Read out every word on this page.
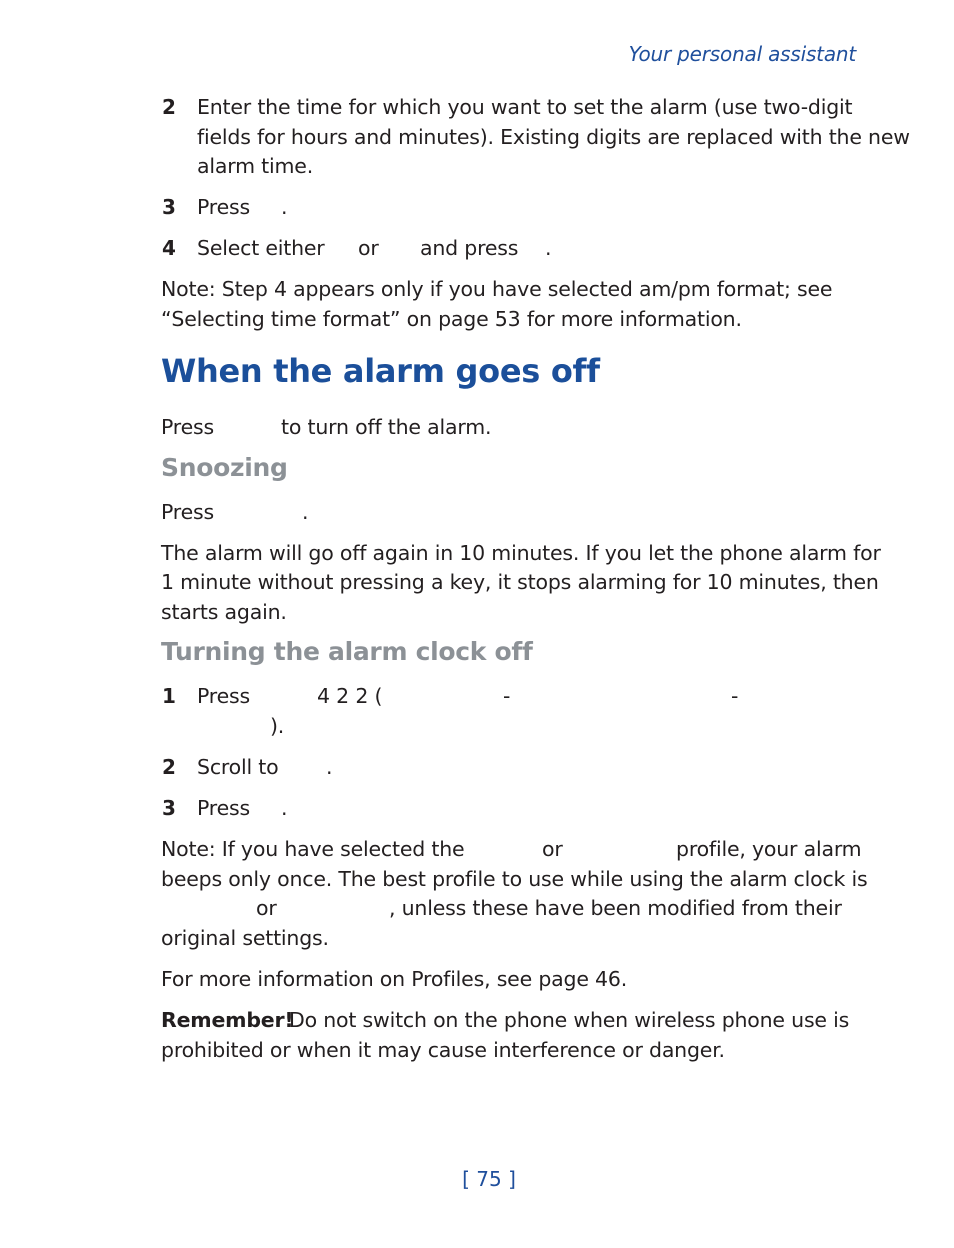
Your personal assistant
2 Enter the time for which you want to set the alarm (use two-digit
fields for hours and minutes). Existing digits are replaced with the new
alarm time.
3 Press .
4 Select either or and press .
Note: Step 4 appears only if you have selected am/pm format; see
“Selecting time format” on page 53 for more information.
When the alarm goes off
Press	to turn off the alarm.
Snoozing
Press	.
The alarm will go off again in 10 minutes. If you let the phone alarm for
1 minute without pressing a key, it stops alarming for 10 minutes, then
starts again.
Turning the alarm clock off
1 Press	4 2 2 (	-	-
).
2 Scroll to .
3 Press .
Note: If you have selected the	or	profile, your alarm
beeps only once. The best profile to use while using the alarm clock is
or	, unless these have been modified from their
original settings.
For more information on Profiles, see page 46.
Remember!
Do not switch on the phone when wireless phone use is
prohibited or when it may cause interference or danger.
[ 75 ]
